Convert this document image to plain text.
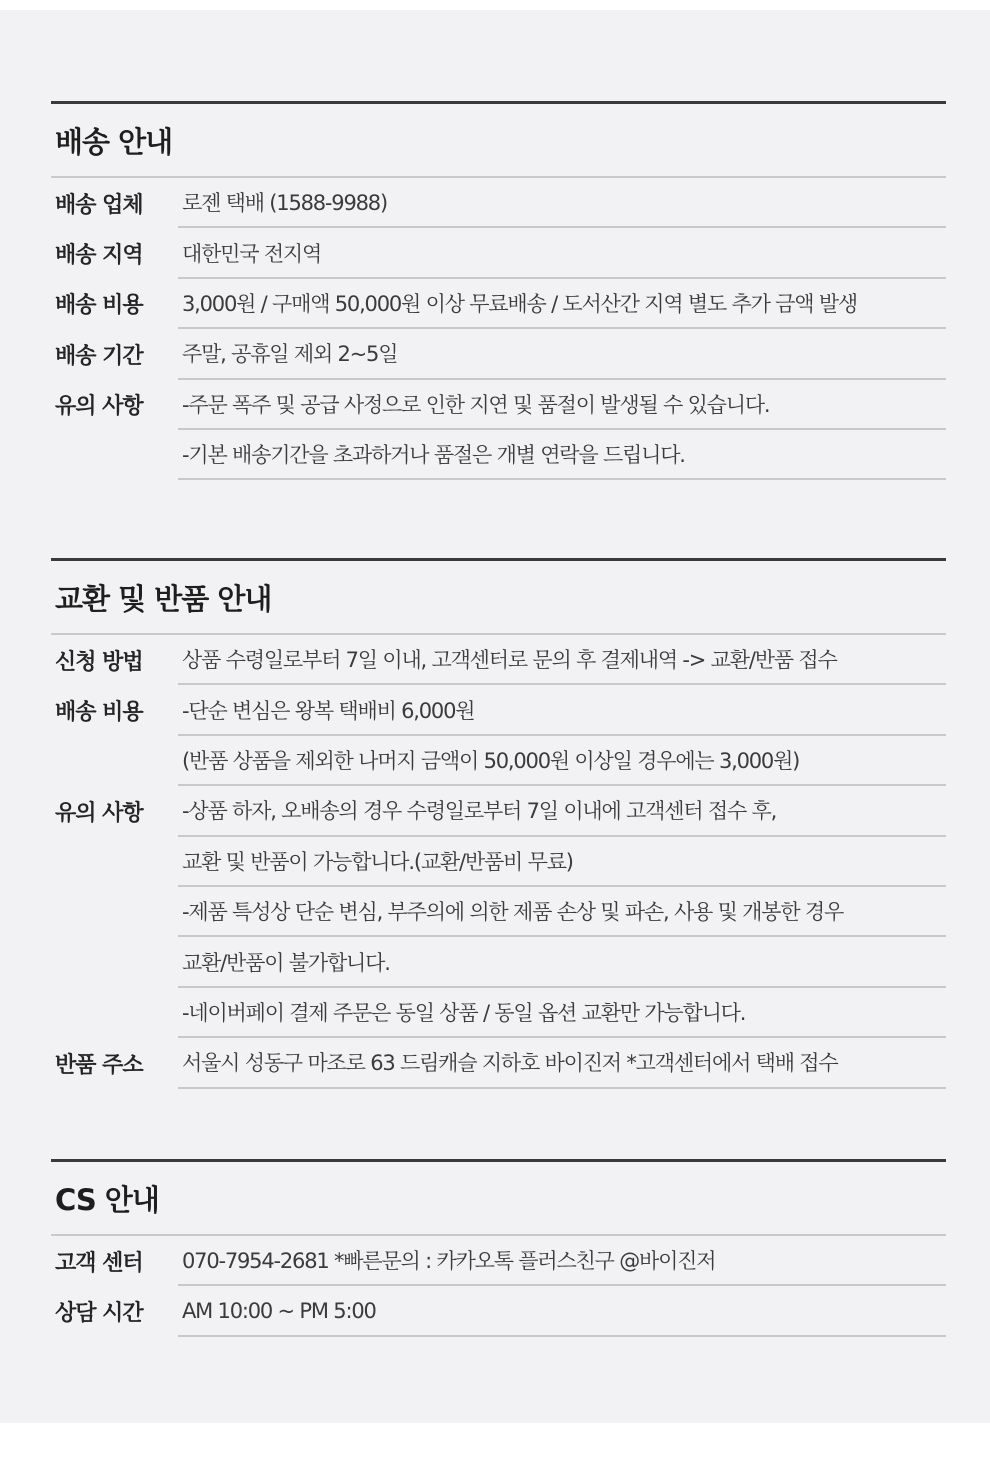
배송 안내
배송 업체 로젠 택배 (1588-9988)
배송 지역 대한민국 전지역
배송 비용 3,000원 / 구매액 50,000원 이상 무료배송 / 도서산간 지역 별도 추가 금액 발생
배송 기간 주말, 공휴일 제외 2~5일
유의 사항 -주문 폭주 및 공급 사정으로 인한 지연 및 품절이 발생될 수 있습니다.
-기본 배송기간을 초과하거나 품절은 개별 연락을 드립니다.
교환 및 반품 안내
신청 방법 상품 수령일로부터 7일 이내, 고객센터로 문의 후 결제내역 -> 교환/반품 접수
배송 비용 -단순 변심은 왕복 택배비 6,000원
(반품 상품을 제외한 나머지 금액이 50,000원 이상일 경우에는 3,000원)
유의 사항 -상품 하자, 오배송의 경우 수령일로부터 7일 이내에 고객센터 접수 후,
교환 및 반품이 가능합니다.(교환/반품비 무료)
-제품 특성상 단순 변심, 부주의에 의한 제품 손상 및 파손, 사용 및 개봉한 경우
교환/반품이 불가합니다.
-네이버페이 결제 주문은 동일 상품 / 동일 옵션 교환만 가능합니다.
반품 주소 서울시 성동구 마조로 63 드림캐슬 지하호 바이진저 *고객센터에서 택배 접수
CS 안내
고객 센터 070-7954-2681 *빠른문의 : 카카오톡 플러스친구 @바이진저
상담 시간 AM 10:00 ~ PM 5:00
